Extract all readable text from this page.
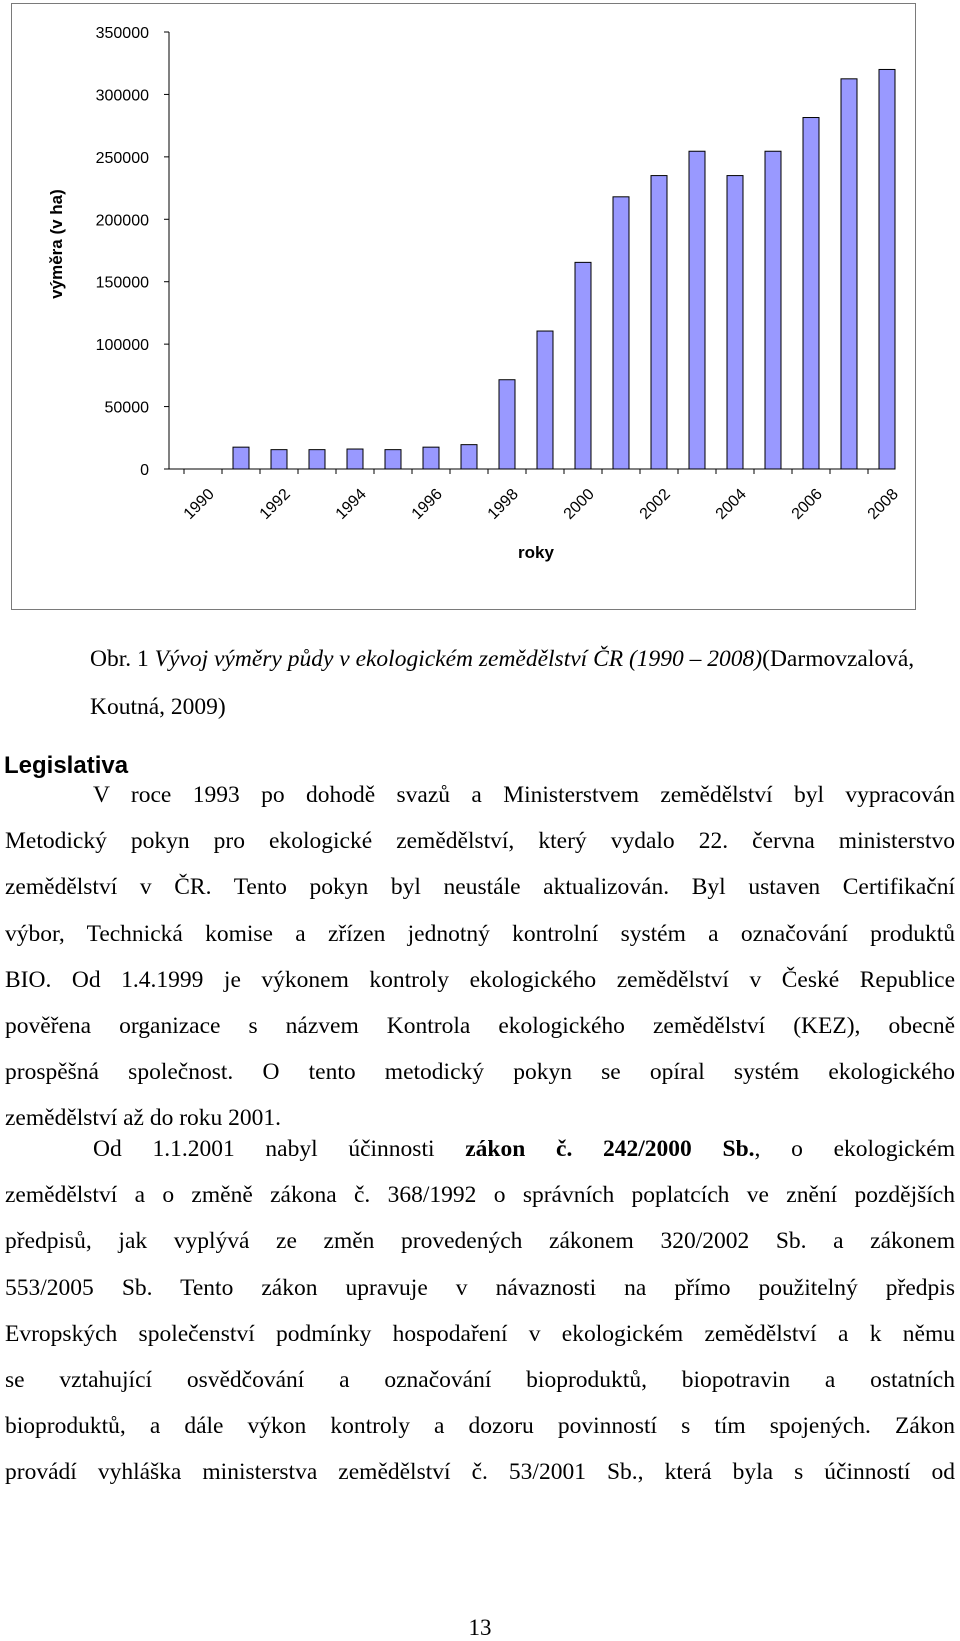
350000
300000
250000
200000
150000
100000
50000
0
1990 1992 1994 1996 1998 2000 2002 2004 2006 2008
roky
výměra (v ha)
Obr. 1 Vývoj výměry půdy v ekologickém zemědělství ČR (1990 – 2008)(Darmovzalová,
Koutná, 2009)
Legislativa
V roce 1993 po dohodě svazů a Ministerstvem zemědělství byl vypracován
Metodický pokyn pro ekologické zemědělství, který vydalo 22. června ministerstvo
zemědělství v ČR. Tento pokyn byl neustále aktualizován. Byl ustaven Certifikační
výbor, Technická komise a zřízen jednotný kontrolní systém a označování produktů
BIO. Od 1.4.1999 je výkonem kontroly ekologického zemědělství v České Republice
pověřena organizace s názvem Kontrola ekologického zemědělství (KEZ), obecně
prospěšná společnost. O tento metodický pokyn se opíral systém ekologického
zemědělství až do roku 2001.
Od 1.1.2001 nabyl účinnosti zákon č. 242/2000 Sb., o ekologickém
zemědělství a o změně zákona č. 368/1992 o správních poplatcích ve znění pozdějších
předpisů, jak vyplývá ze změn provedených zákonem 320/2002 Sb. a zákonem
553/2005 Sb. Tento zákon upravuje v návaznosti na přímo použitelný předpis
Evropských společenství podmínky hospodaření v ekologickém zemědělství a k němu
se vztahující osvědčování a označování bioproduktů, biopotravin a ostatních
bioproduktů, a dále výkon kontroly a dozoru povinností s tím spojených. Zákon
provádí vyhláška ministerstva zemědělství č. 53/2001 Sb., která byla s účinností od
13
